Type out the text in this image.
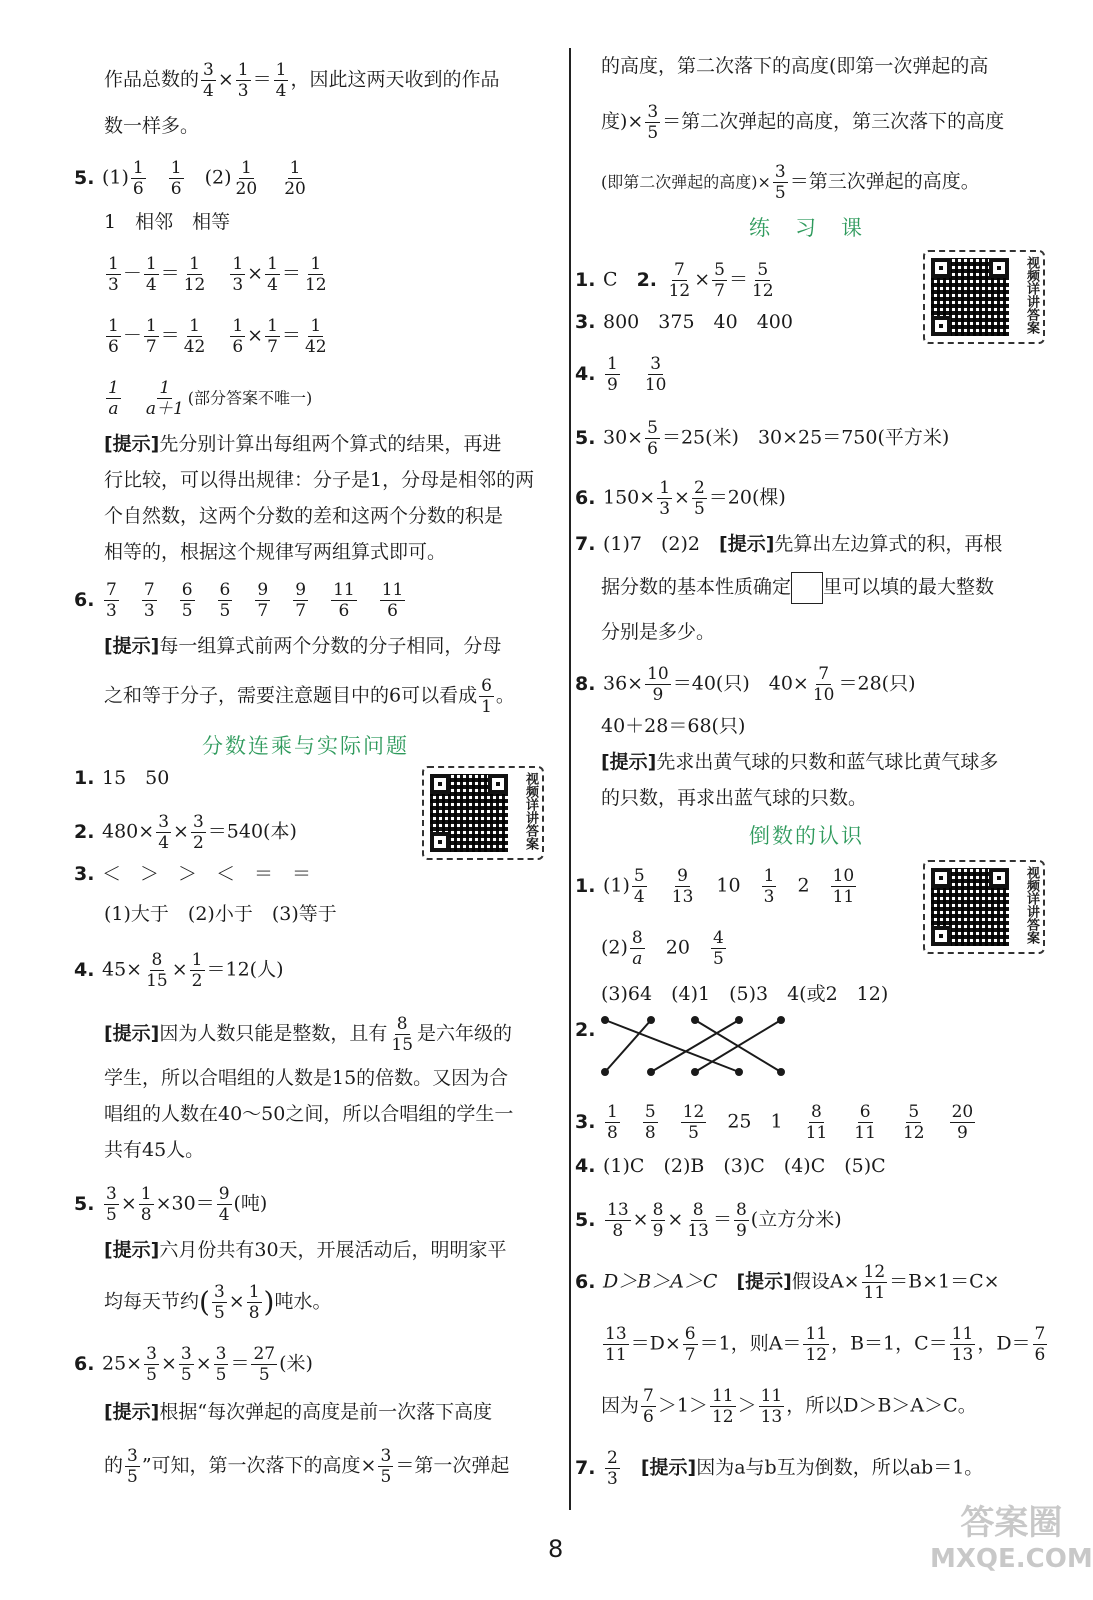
作品总数的 $\frac{3}{4} \times \frac{1}{3} = \frac{1}{4}$ ，因此这两天收到的作品
数一样多。
5. $(1) \frac{1}{6}$
　 $\frac{1}{6}$
　 $(2) \frac{1}{20}$
　 $\frac{1}{20}$
1　相邻　相等
$\frac{1}{3} - \frac{1}{4} = \frac{1}{12}$
　 $\frac{1}{3} \times \frac{1}{4} = \frac{1}{12}$
$\frac{1}{6} - \frac{1}{7} = \frac{1}{42}$
　 $\frac{1}{6} \times \frac{1}{7} = \frac{1}{42}$
$\frac{1}{a}$
　 $\frac{1}{a+1}$ (部分答案不唯一)
[提示]先分别计算出每组两个算式的结果，再进
行比较，可以得出规律：分子是1，分母是相邻的两
个自然数，这两个分数的差和这两个分数的积是
相等的，根据这个规律写两组算式即可。
6. $\frac{7}{3}$
　 $\frac{7}{3}$
　 $\frac{6}{5}$
　 $\frac{6}{5}$
　 $\frac{9}{7}$
　 $\frac{9}{7}$
　 $\frac{11}{6}$
　 $\frac{11}{6}$
[提示]每一组算式前两个分数的分子相同，分母
之和等于分子，需要注意题目中的6可以看成 $\frac{6}{1}$ 。
分数连乘与实际问题
视频详讲答案
1. 15　50
2. $480\times \frac{3}{4} \times \frac{3}{2} =540$(本)
3. ＜　＞　＞　＜　＝　＝
(1)大于　(2)小于　(3)等于
4. $45\times \frac{8}{15} \times \frac{1}{2} =12$(人)
[提示]因为人数只能是整数，且有 $\frac{8}{15}$ 是六年级的
学生，所以合唱组的人数是15的倍数。又因为合
唱组的人数在40～50之间，所以合唱组的学生一
共有45人。
5. $\frac{3}{5} \times \frac{1}{8} \times 30= \frac{9}{4}$ (吨)
[提示]六月份共有30天，开展活动后，明明家平
均每天节约( $\frac{3}{5} \times \frac{1}{8}$ )吨水。
6. $25\times \frac{3}{5} \times \frac{3}{5} \times \frac{3}{5} = \frac{27}{5}$ (米)
[提示]根据“每次弹起的高度是前一次落下高度
的 $\frac{3}{5}$ ”可知，第一次落下的高度× $\frac{3}{5}$ ＝第一次弹起
的高度，第二次落下的高度(即第一次弹起的高
度)× $\frac{3}{5}$ ＝第二次弹起的高度，第三次落下的高度
(即第二次弹起的高度)× $\frac{3}{5}$ ＝第三次弹起的高度。
练　习　课
视频详讲答案
1. C　 2. $\frac{7}{12} \times \frac{5}{7} = \frac{5}{12}$
3. 800　375　40　400
4. $\frac{1}{9}$
　 $\frac{3}{10}$
5. $30\times \frac{5}{6} =25$(米)　30×25＝750(平方米)
6. $150\times \frac{1}{3} \times \frac{2}{5} =20$(棵)
7. (1)7　(2)2　 [提示]先算出左边算式的积，再根
据分数的基本性质确定 里可以填的最大整数
分别是多少。
8. $36\times \frac{10}{9} =40$(只)　$40\times \frac{7}{10} =28$(只)
40＋28＝68(只)
[提示]先求出黄气球的只数和蓝气球比黄气球多
的只数，再求出蓝气球的只数。
倒数的认识
视频详讲答案
1. $(1) \frac{5}{4}$
　 $\frac{9}{13}$
　 10　 $\frac{1}{3}$
　 2　 $\frac{10}{11}$
$(2) \frac{8}{a}$
　 20　 $\frac{4}{5}$
(3)64　(4)1　(5)3　4(或2　12)
2.
3. $\frac{1}{8}$
　 $\frac{5}{8}$
　 $\frac{12}{5}$
　 25　1　 $\frac{8}{11}$
　 $\frac{6}{11}$
　 $\frac{5}{12}$
　 $\frac{20}{9}$
4. (1)C　(2)B　(3)C　(4)C　(5)C
5. $\frac{13}{8} \times \frac{8}{9} \times \frac{8}{13} = \frac{8}{9}$ (立方分米)
6. D＞B＞A＞C　 [提示]假设$A\times \frac{12}{11} =B\times 1=C\times$
$\frac{13}{11} =D\times \frac{6}{7} =1$，则$A= \frac{11}{12}$ ，B＝1，$C= \frac{11}{13}$ ，$D= \frac{7}{6}$
因为 $\frac{7}{6} >1> \frac{11}{12} > \frac{11}{13}$ ，所以D＞B＞A＞C。
7. $\frac{2}{3}$
　 [提示]因为a与b互为倒数，所以ab＝1。
8
答案圈
MXQE.COM
